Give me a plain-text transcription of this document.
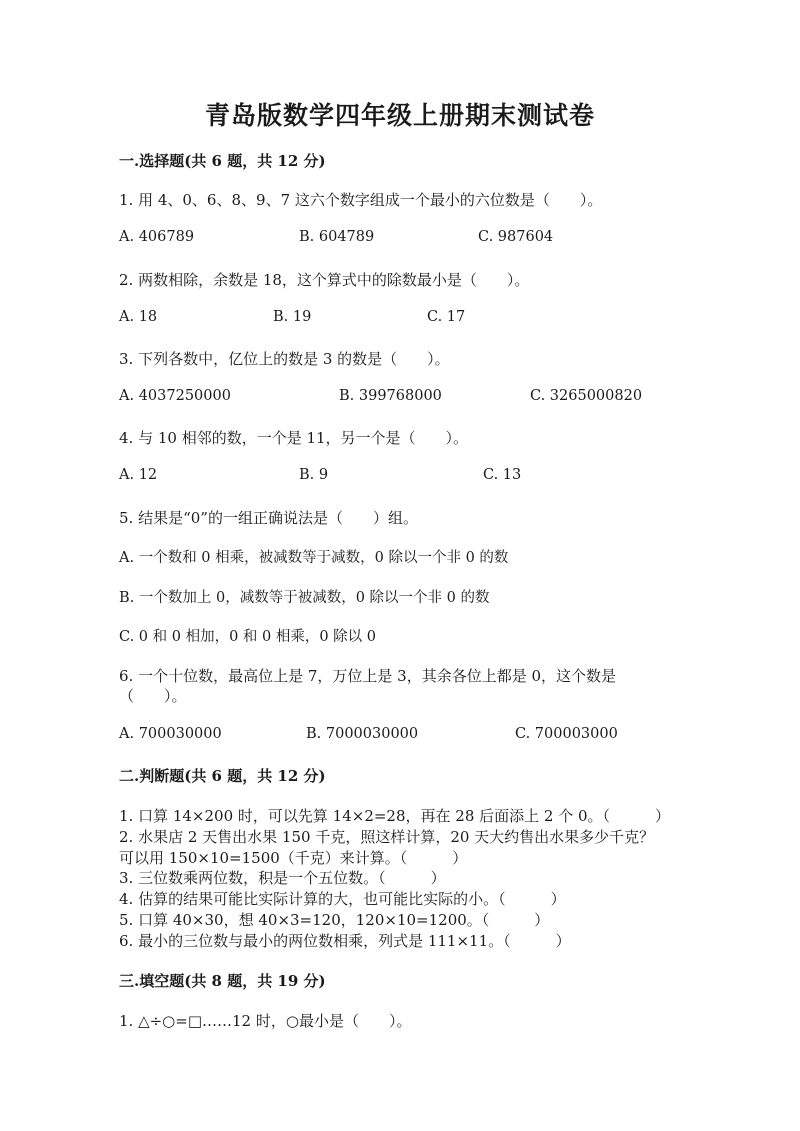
青岛版数学四年级上册期末测试卷
一.选择题(共 6 题，共 12 分)
1. 用 4、0、6、8、9、7 这六个数字组成一个最小的六位数是（　　）。
A. 406789	B. 604789	C. 987604
2. 两数相除，余数是 18，这个算式中的除数最小是（　　）。
A. 18	B. 19	C. 17
3. 下列各数中，亿位上的数是 3 的数是（　　）。
A. 4037250000	B. 399768000	C. 3265000820
4. 与 10 相邻的数，一个是 11，另一个是（　　）。
A. 12	B. 9	C. 13
5. 结果是“0”的一组正确说法是（　　）组。
A. 一个数和 0 相乘，被减数等于减数，0 除以一个非 0 的数
B. 一个数加上 0，减数等于被减数，0 除以一个非 0 的数
C. 0 和 0 相加，0 和 0 相乘，0 除以 0
6. 一个十位数，最高位上是 7，万位上是 3，其余各位上都是 0，这个数是
（　　）。
A. 700030000	B. 7000030000	C. 700003000
二.判断题(共 6 题，共 12 分)
1. 口算 14×200 时，可以先算 14×2=28，再在 28 后面添上 2 个 0。（　　　）
2. 水果店 2 天售出水果 150 千克，照这样计算，20 天大约售出水果多少千克？
可以用 150×10=1500（千克）来计算。（　　　）
3. 三位数乘两位数，积是一个五位数。（　　　）
4. 估算的结果可能比实际计算的大，也可能比实际的小。（　　　）
5. 口算 40×30，想 40×3=120，120×10=1200。（　　　）
6. 最小的三位数与最小的两位数相乘，列式是 111×11。（　　　）
三.填空题(共 8 题，共 19 分)
1. △÷○=□……12 时，○最小是（　　）。
